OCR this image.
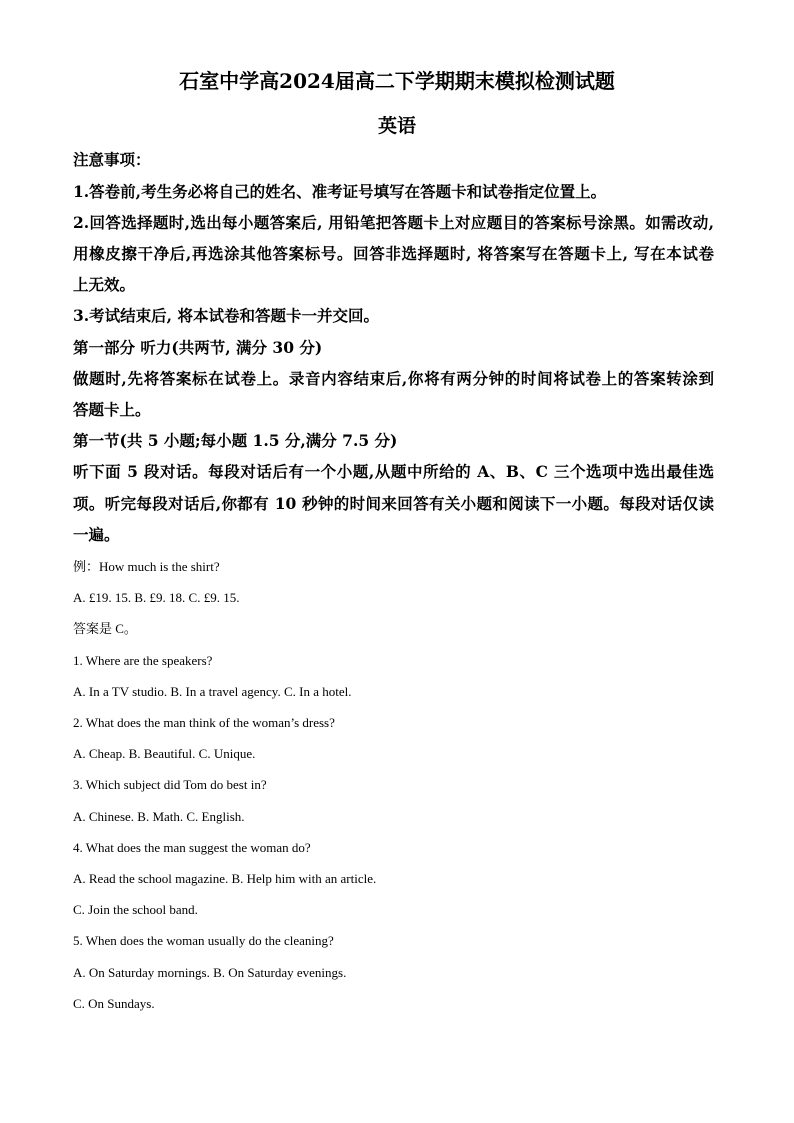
石室中学高2024届高二下学期期末模拟检测试题
英语
注意事项：
1.答卷前,考生务必将自己的姓名、准考证号填写在答题卡和试卷指定位置上。
2.回答选择题时,选出每小题答案后, 用铅笔把答题卡上对应题目的答案标号涂黑。如需改动,
用橡皮擦干净后,再选涂其他答案标号。回答非选择题时, 将答案写在答题卡上, 写在本试卷
上无效。
3.考试结束后, 将本试卷和答题卡一并交回。
第一部分 听力(共两节, 满分 30 分)
做题时,先将答案标在试卷上。录音内容结束后,你将有两分钟的时间将试卷上的答案转涂到
答题卡上。
第一节(共 5 小题;每小题 1.5 分,满分 7.5 分)
听下面 5 段对话。每段对话后有一个小题,从题中所给的 A、B、C 三个选项中选出最佳选
项。听完每段对话后,你都有 10 秒钟的时间来回答有关小题和阅读下一小题。每段对话仅读
一遍。
例：How much is the shirt?
A. £19. 15. B. £9. 18. C. £9. 15.
答案是 C。
1. Where are the speakers?
A. In a TV studio. B. In a travel agency. C. In a hotel.
2. What does the man think of the woman’s dress?
A. Cheap. B. Beautiful. C. Unique.
3. Which subject did Tom do best in?
A. Chinese. B. Math. C. English.
4. What does the man suggest the woman do?
A. Read the school magazine. B. Help him with an article.
C. Join the school band.
5. When does the woman usually do the cleaning?
A. On Saturday mornings. B. On Saturday evenings.
C. On Sundays.
